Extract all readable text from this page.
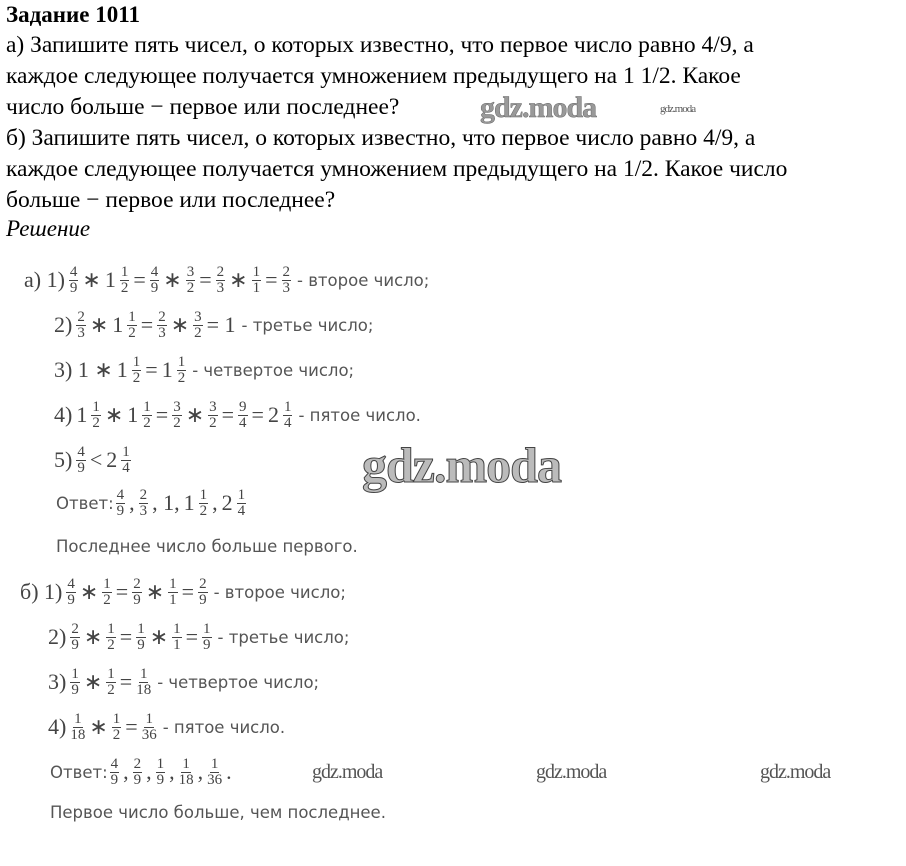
Задание 1011
а) Запишите пять чисел, о которых известно, что первое число равно 4/9, а
каждое следующее получается умножением предыдущего на 1 1/2. Какое
число больше − первое или последнее?
б) Запишите пять чисел, о которых известно, что первое число равно 4/9, а
каждое следующее получается умножением предыдущего на 1/2. Какое число
больше − первое или последнее?
Решение
а) $1) \frac{4}{9}$ ∗ $1 \frac{1}{2} = \frac{4}{9}$ ∗ $\frac{3}{2} = \frac{2}{3}$ ∗ $\frac{1}{1} = \frac{2}{3}$ - второе число;
$2) \frac{2}{3}$ ∗ $1 \frac{1}{2} = \frac{2}{3}$ ∗ $\frac{3}{2} = 1$ - третье число;
3) 1 ∗ $1 \frac{1}{2} = 1 \frac{1}{2}$ - четвертое число;
4) $1 \frac{1}{2}$ ∗ $1 \frac{1}{2} = \frac{3}{2}$ ∗ $\frac{3}{2} = \frac{9}{4} = 2 \frac{1}{4}$ - пятое число.
$5) \frac{4}{9} < 2 \frac{1}{4}$
Ответ: $\frac{4}{9}$ , $\frac{2}{3}$ , 1, $1 \frac{1}{2}$ , $2 \frac{1}{4}$
Последнее число больше первого.
б) $1) \frac{4}{9}$ ∗ $\frac{1}{2} = \frac{2}{9}$ ∗ $\frac{1}{1} = \frac{2}{9}$ - второе число;
$2) \frac{2}{9}$ ∗ $\frac{1}{2} = \frac{1}{9}$ ∗ $\frac{1}{1} = \frac{1}{9}$ - третье число;
$3) \frac{1}{9}$ ∗ $\frac{1}{2} = \frac{1}{18}$ - четвертое число;
$4) \frac{1}{18}$ ∗ $\frac{1}{2} = \frac{1}{36}$ - пятое число.
Ответ: $\frac{4}{9}$ , $\frac{2}{9}$ , $\frac{1}{9}$ , $\frac{1}{18}$ , $\frac{1}{36}$ .
Первое число больше, чем последнее.
gdz.moda	gdz.moda
gdz.moda
gdz.moda	gdz.moda	gdz.moda
